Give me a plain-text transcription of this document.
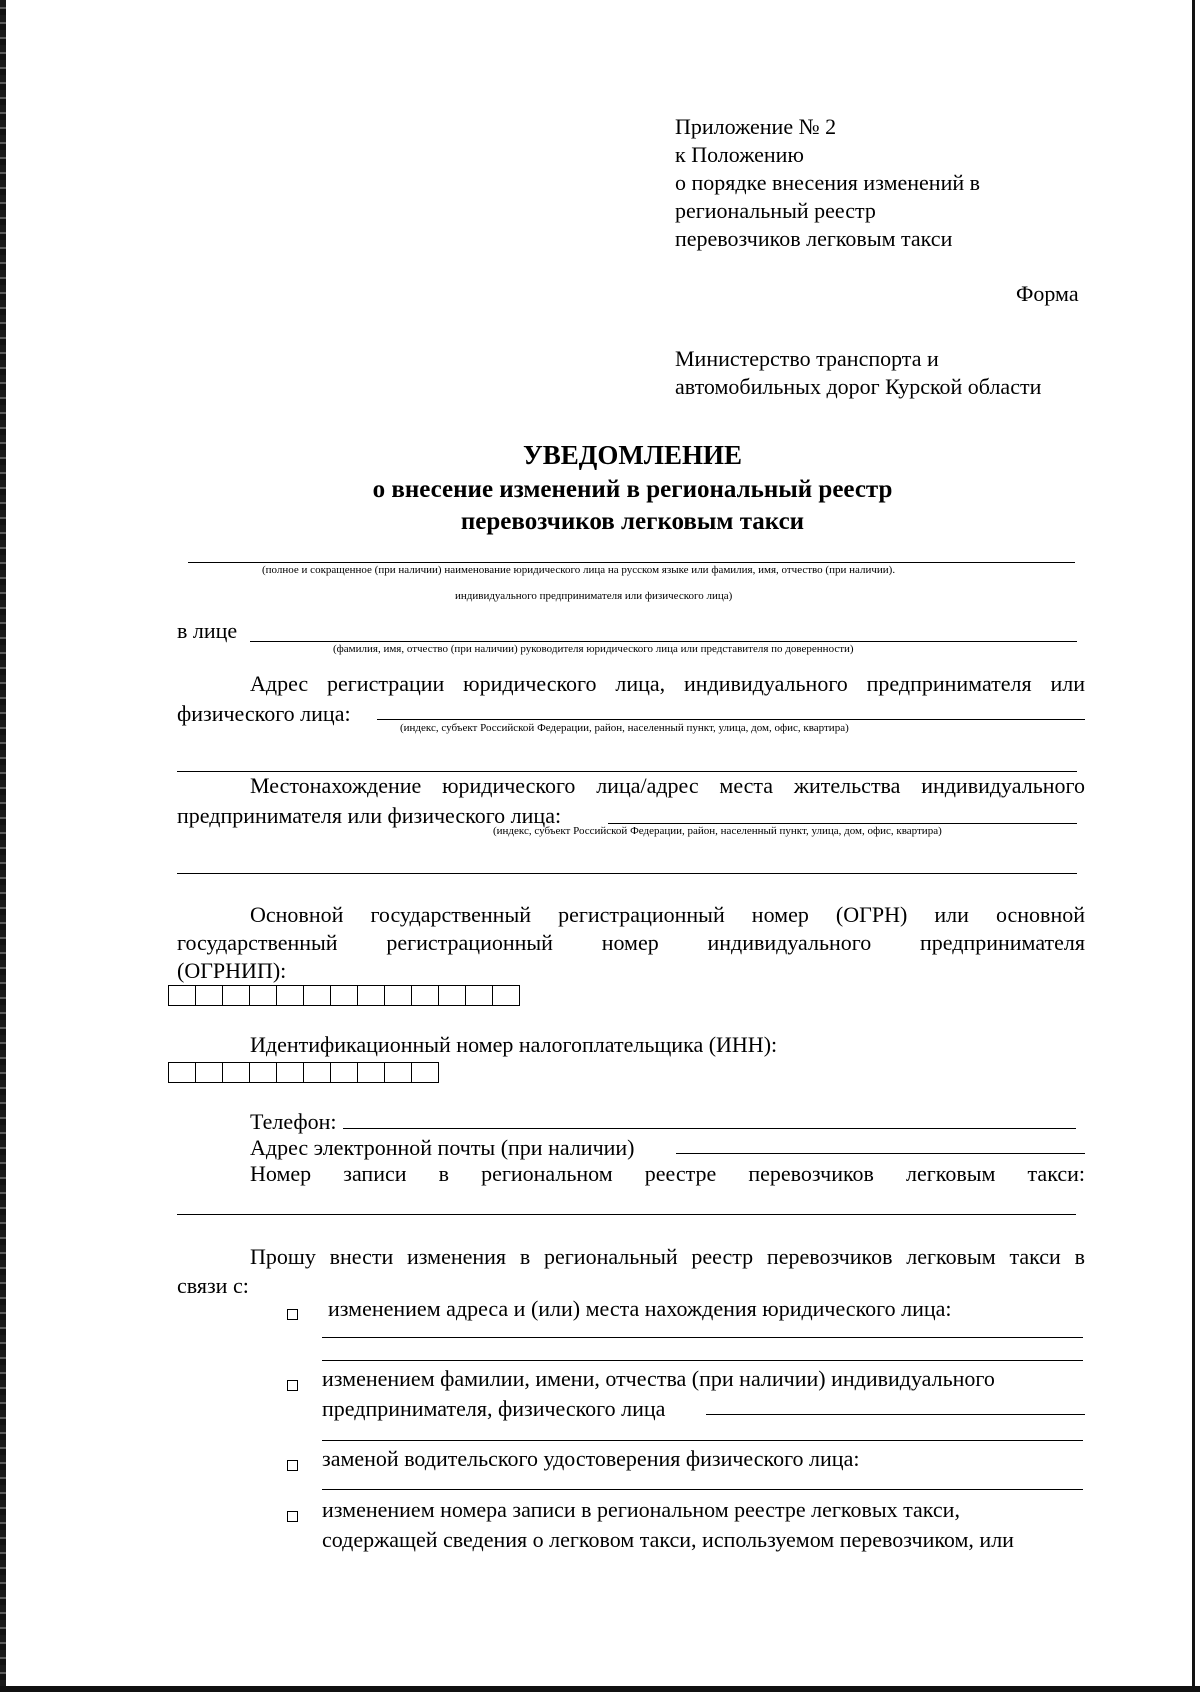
Приложение № 2
к Положению
о порядке внесения изменений в
региональный реестр
перевозчиков легковым такси
Форма
Министерство транспорта и
автомобильных дорог Курской области
УВЕДОМЛЕНИЕ
о внесение изменений в региональный реестр
перевозчиков легковым такси
(полное и сокращенное (при наличии) наименование юридического лица на русском языке или фамилия, имя, отчество (при наличии).
индивидуального предпринимателя или физического лица)
в лице
(фамилия, имя, отчество (при наличии) руководителя юридического лица или представителя по доверенности)
Адрес регистрации юридического лица, индивидуального предпринимателя или
физического лица:
(индекс, субъект Российской Федерации, район, населенный пункт, улица, дом, офис, квартира)
Местонахождение юридического лица/адрес места жительства индивидуального
предпринимателя или физического лица:
(индекс, субъект Российской Федерации, район, населенный пункт, улица, дом, офис, квартира)
Основной государственный регистрационный номер (ОГРН) или основной
государственный регистрационный номер индивидуального предпринимателя
(ОГРНИП):
Идентификационный номер налогоплательщика (ИНН):
Телефон:
Адрес электронной почты (при наличии)
Номер записи в региональном реестре перевозчиков легковым такси:
Прошу внести изменения в региональный реестр перевозчиков легковым такси в
связи с:
изменением адреса и (или) места нахождения юридического лица:
изменением фамилии, имени, отчества (при наличии) индивидуального
предпринимателя, физического лица
заменой водительского удостоверения физического лица:
изменением номера записи в региональном реестре легковых такси,
содержащей сведения о легковом такси, используемом перевозчиком, или
